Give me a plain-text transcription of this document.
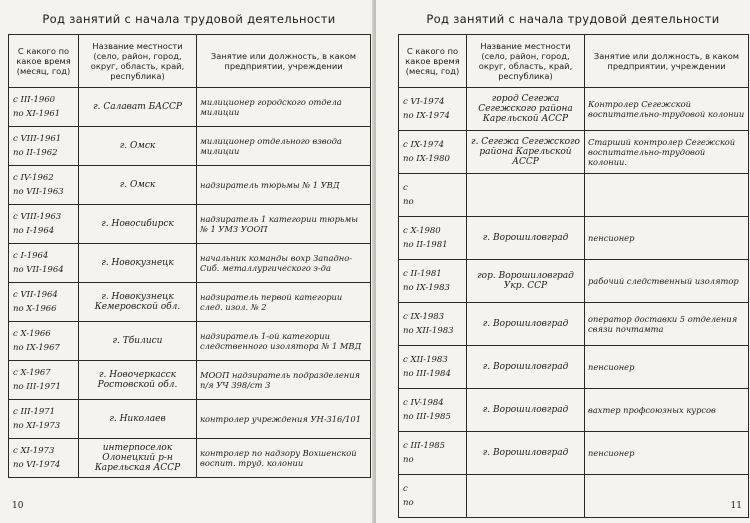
Род занятий с начала трудовой деятельности
С какого по какое время (месяц, год)	Название местности (село, район, город, округ, область, край, республика)	Занятие или должность, в каком предприятии, учреждении

с III-1960
по XI-1961	г. Салават БАССР	милиционер городского отдела милиции

с VIII-1961
по II-1962	г. Омск	милиционер отдельного взвода милиции

с IV-1962
по VII-1963	г. Омск	надзиратель тюрьмы № 1 УВД

с VIII-1963
по I-1964	г. Новосибирск	надзиратель 1 категории тюрьмы № 1 УМЗ УООП

с I-1964
по VII-1964	г. Новокузнецк	начальник команды вохр Западно-Сиб. металлургического з-да

с VII-1964
по X-1966	г. Новокузнецк Кемеровской обл.	надзиратель первой категории след. изол. № 2

с X-1966
по IX-1967	г. Тбилиси	надзиратель 1-ой категории следственного изолятора № 1 МВД

с X-1967
по III-1971	г. Новочеркасск Ростовской обл.	МООП надзиратель подразделения п/я УЧ 398/ст 3

с III-1971
по XI-1973	г. Николаев	контролер учреждения УН-316/101

с XI-1973
по VI-1974	интерпоселок Олонецкий р-н Карельская АССР	контролер по надзору Вохшенской воспит. труд. колонии
10
Род занятий с начала трудовой деятельности
С какого по какое время (месяц, год)	Название местности (село, район, город, округ, область, край, республика)	Занятие или должность, в каком предприятии, учреждении

с VI-1974
по IX-1974	город Сегежа Сегежского района Карельской АССР	Контролер Сегежской воспитательно-трудовой колонии

с IX-1974
по IX-1980	г. Сегежа Сегежского района Карельской АССР	Старший контролер Сегежской воспитательно-трудовой колонии.

с
по		

с X-1980
по II-1981	г. Ворошиловград	пенсионер

с II-1981
по IX-1983	гор. Ворошиловград Укр. ССР	рабочий следственный изолятор

с IX-1983
по XII-1983	г. Ворошиловград	оператор доставки 5 отделения связи почтамта

с XII-1983
по III-1984	г. Ворошиловград	пенсионер

с IV-1984
по III-1985	г. Ворошиловград	вахтер профсоюзных курсов

с III-1985
по	г. Ворошиловград	пенсионер

с
по		
			11
